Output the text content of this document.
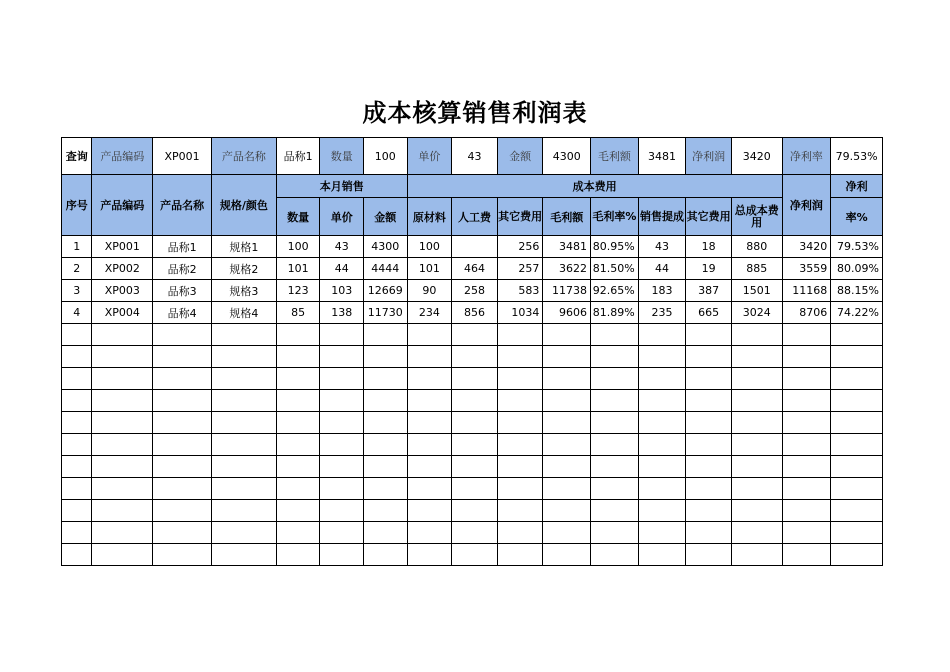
成本核算销售利润表
查询	产品编码	XP001	产品名称	品称1	数量	100	单价	43	金额	4300	毛利额	3481	净利润	3420	净利率	79.53%
序号	产品编码	产品名称	规格/颜色	本月销售			成本费用								净利润	净利
				数量	单价	金额	原材料	人工费	其它费用	毛利额	毛利率%	销售提成	其它费用	总成本费用		率%
1	XP001	品称1	规格1	100	43	4300	100		256	3481	80.95%	43	18	880	3420	79.53%
2	XP002	品称2	规格2	101	44	4444	101	464	257	3622	81.50%	44	19	885	3559	80.09%
3	XP003	品称3	规格3	123	103	12669	90	258	583	11738	92.65%	183	387	1501	11168	88.15%
4	XP004	品称4	规格4	85	138	11730	234	856	1034	9606	81.89%	235	665	3024	8706	74.22%
